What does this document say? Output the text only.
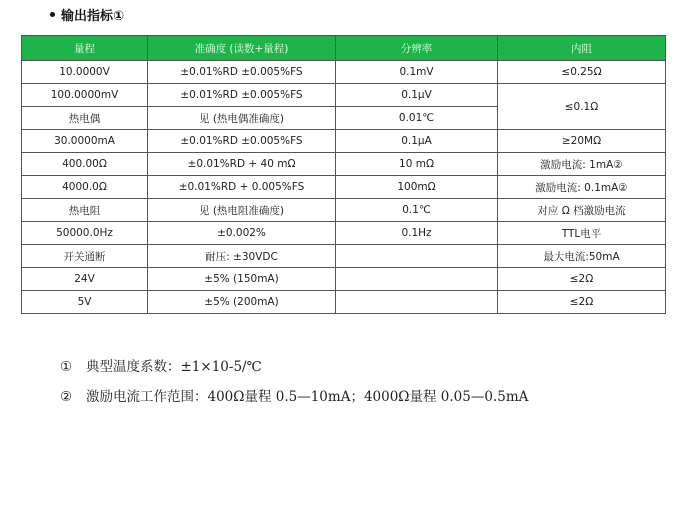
输出指标①
量程	准确度 (读数+量程)	分辨率	内阻
10.0000V	±0.01%RD ±0.005%FS	0.1mV	≤0.25Ω
100.0000mV	±0.01%RD ±0.005%FS	0.1μV	≤0.1Ω
热电偶	见 (热电偶准确度)	0.01℃	
30.0000mA	±0.01%RD ±0.005%FS	0.1μA	≥20MΩ
400.00Ω	±0.01%RD + 40 mΩ	10 mΩ	激励电流: 1mA②
4000.0Ω	±0.01%RD + 0.005%FS	100mΩ	激励电流: 0.1mA②
热电阻	见 (热电阻准确度)	0.1℃	对应 Ω 档激励电流
50000.0Hz	±0.002%	0.1Hz	TTL电平
开关通断	耐压: ±30VDC		最大电流:50mA
24V	±5% (150mA)		≤2Ω
5V	±5% (200mA)		≤2Ω
① 典型温度系数：±1×10-5/℃
② 激励电流工作范围：400Ω量程 0.5—10mA；4000Ω量程 0.05—0.5mA
